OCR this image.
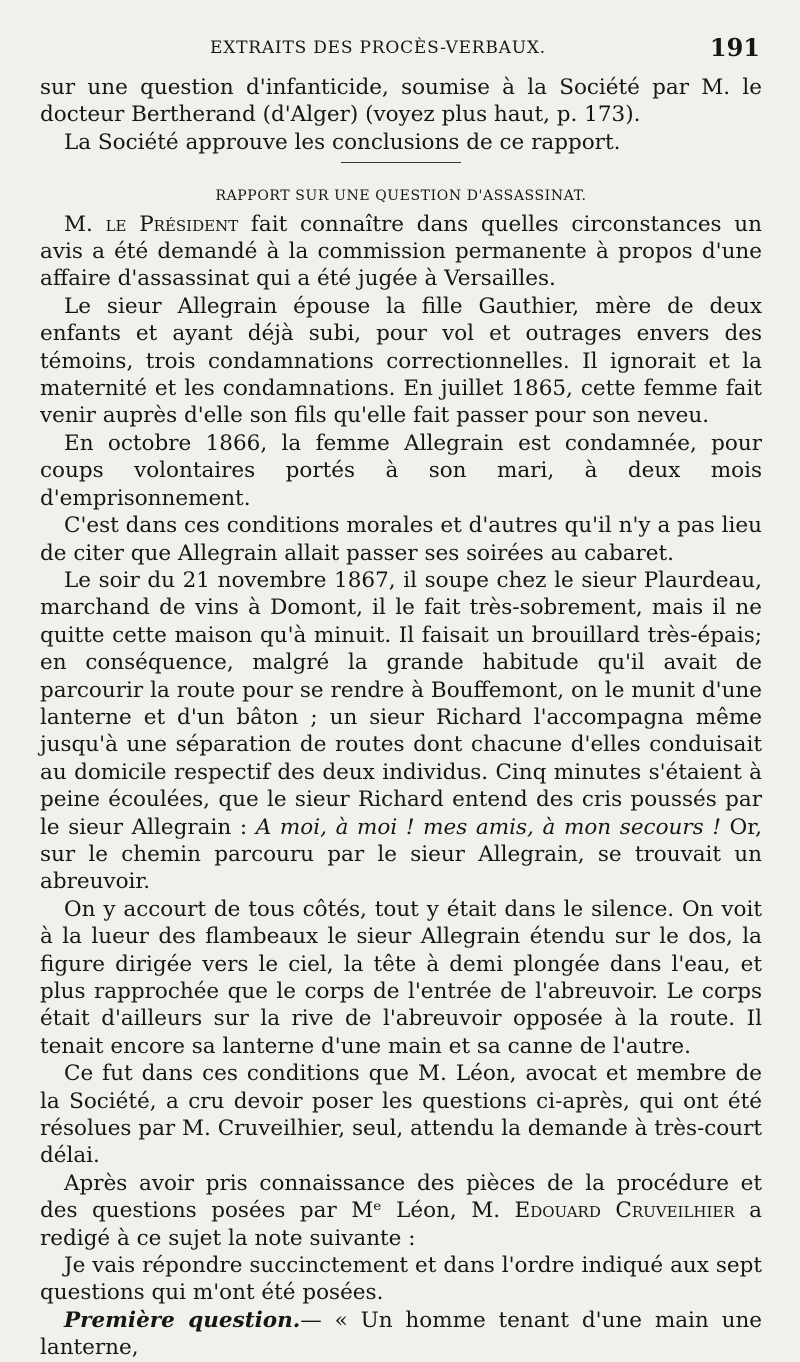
EXTRAITS DES PROCÈS-VERBAUX.	191

sur une question d'infanticide, soumise à la Société par M. le docteur Bertherand (d'Alger) (voyez plus haut, p. 173).

La Société approuve les conclusions de ce rapport.

RAPPORT SUR UNE QUESTION D'ASSASSINAT.

M. le Président fait connaître dans quelles circonstances un avis a été demandé à la commission permanente à propos d'une affaire d'assassinat qui a été jugée à Versailles.

Le sieur Allegrain épouse la fille Gauthier, mère de deux enfants et ayant déjà subi, pour vol et outrages envers des témoins, trois condamnations correctionnelles. Il ignorait et la maternité et les condamnations. En juillet 1865, cette femme fait venir auprès d'elle son fils qu'elle fait passer pour son neveu.

En octobre 1866, la femme Allegrain est condamnée, pour coups volontaires portés à son mari, à deux mois d'emprisonnement.

C'est dans ces conditions morales et d'autres qu'il n'y a pas lieu de citer que Allegrain allait passer ses soirées au cabaret.

Le soir du 21 novembre 1867, il soupe chez le sieur Plaurdeau, marchand de vins à Domont, il le fait très-sobrement, mais il ne quitte cette maison qu'à minuit. Il faisait un brouillard très-épais; en conséquence, malgré la grande habitude qu'il avait de parcourir la route pour se rendre à Bouffemont, on le munit d'une lanterne et d'un bâton ; un sieur Richard l'accompagna même jusqu'à une séparation de routes dont chacune d'elles conduisait au domicile respectif des deux individus. Cinq minutes s'étaient à peine écoulées, que le sieur Richard entend des cris poussés par le sieur Allegrain : A moi, à moi ! mes amis, à mon secours ! Or, sur le chemin parcouru par le sieur Allegrain, se trouvait un abreuvoir.

On y accourt de tous côtés, tout y était dans le silence. On voit à la lueur des flambeaux le sieur Allegrain étendu sur le dos, la figure dirigée vers le ciel, la tête à demi plongée dans l'eau, et plus rapprochée que le corps de l'entrée de l'abreuvoir. Le corps était d'ailleurs sur la rive de l'abreuvoir opposée à la route. Il tenait encore sa lanterne d'une main et sa canne de l'autre.

Ce fut dans ces conditions que M. Léon, avocat et membre de la Société, a cru devoir poser les questions ci-après, qui ont été résolues par M. Cruveilhier, seul, attendu la demande à très-court délai.

Après avoir pris connaissance des pièces de la procédure et des questions posées par Mᵉ Léon, M. Edouard Cruveilhier a redigé à ce sujet la note suivante :

Je vais répondre succinctement et dans l'ordre indiqué aux sept questions qui m'ont été posées.

Première question.— « Un homme tenant d'une main une lanterne,
